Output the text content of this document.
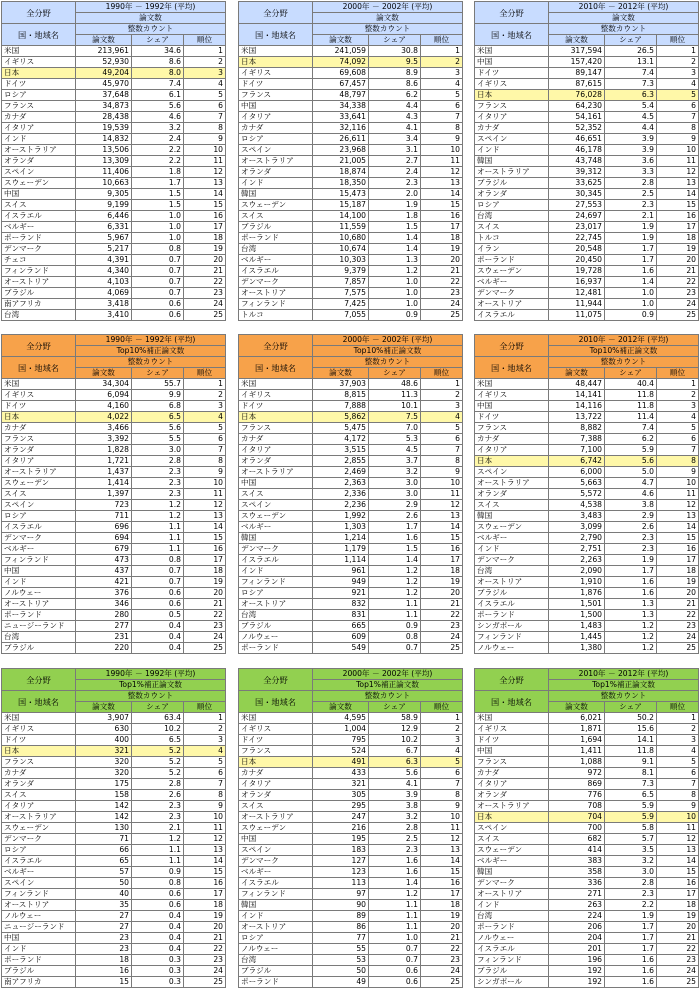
全分野	1990年 － 1992年 (平均)		
	論文数		
国・地域名	整数カウント		
	論文数	シェア	順位
米国	213,961	34.6	1
イギリス	52,930	8.6	2
日本	49,204	8.0	3
ドイツ	45,970	7.4	4
ロシア	37,648	6.1	5
フランス	34,873	5.6	6
カナダ	28,438	4.6	7
イタリア	19,539	3.2	8
インド	14,832	2.4	9
オーストラリア	13,506	2.2	10
オランダ	13,309	2.2	11
スペイン	11,406	1.8	12
スウェーデン	10,663	1.7	13
中国	9,305	1.5	14
スイス	9,199	1.5	15
イスラエル	6,446	1.0	16
ベルギー	6,331	1.0	17
ポーランド	5,967	1.0	18
デンマーク	5,217	0.8	19
チェコ	4,391	0.7	20
フィンランド	4,340	0.7	21
オーストリア	4,103	0.7	22
ブラジル	4,069	0.7	23
南アフリカ	3,418	0.6	24
台湾	3,410	0.6	25
全分野	2000年 － 2002年 (平均)		
	論文数		
国・地域名	整数カウント		
	論文数	シェア	順位
米国	241,059	30.8	1
日本	74,092	9.5	2
イギリス	69,608	8.9	3
ドイツ	67,457	8.6	4
フランス	48,797	6.2	5
中国	34,338	4.4	6
イタリア	33,641	4.3	7
カナダ	32,116	4.1	8
ロシア	26,611	3.4	9
スペイン	23,968	3.1	10
オーストラリア	21,005	2.7	11
オランダ	18,874	2.4	12
インド	18,350	2.3	13
韓国	15,473	2.0	14
スウェーデン	15,187	1.9	15
スイス	14,100	1.8	16
ブラジル	11,559	1.5	17
ポーランド	10,680	1.4	18
台湾	10,674	1.4	19
ベルギー	10,303	1.3	20
イスラエル	9,379	1.2	21
デンマーク	7,857	1.0	22
オーストリア	7,575	1.0	23
フィンランド	7,425	1.0	24
トルコ	7,055	0.9	25
全分野	2010年 － 2012年 (平均)		
	論文数		
国・地域名	整数カウント		
	論文数	シェア	順位
米国	317,594	26.5	1
中国	157,420	13.1	2
ドイツ	89,147	7.4	3
イギリス	87,615	7.3	4
日本	76,028	6.3	5
フランス	64,230	5.4	6
イタリア	54,161	4.5	7
カナダ	52,352	4.4	8
スペイン	46,651	3.9	9
インド	46,178	3.9	10
韓国	43,748	3.6	11
オーストラリア	39,312	3.3	12
ブラジル	33,625	2.8	13
オランダ	30,345	2.5	14
ロシア	27,553	2.3	15
台湾	24,697	2.1	16
スイス	23,017	1.9	17
トルコ	22,745	1.9	18
イラン	20,548	1.7	19
ポーランド	20,450	1.7	20
スウェーデン	19,728	1.6	21
ベルギー	16,937	1.4	22
デンマーク	12,481	1.0	23
オーストリア	11,944	1.0	24
イスラエル	11,075	0.9	25
全分野	1990年 － 1992年 (平均)		
	Top10%補正論文数		
国・地域名	整数カウント		
	論文数	シェア	順位
米国	34,304	55.7	1
イギリス	6,094	9.9	2
ドイツ	4,160	6.8	3
日本	4,022	6.5	4
カナダ	3,466	5.6	5
フランス	3,392	5.5	6
オランダ	1,828	3.0	7
イタリア	1,721	2.8	8
オーストラリア	1,437	2.3	9
スウェーデン	1,414	2.3	10
スイス	1,397	2.3	11
スペイン	723	1.2	12
ロシア	711	1.2	13
イスラエル	696	1.1	14
デンマーク	694	1.1	15
ベルギー	679	1.1	16
フィンランド	473	0.8	17
中国	437	0.7	18
インド	421	0.7	19
ノルウェー	376	0.6	20
オーストリア	346	0.6	21
ポーランド	280	0.5	22
ニュージーランド	277	0.4	23
台湾	231	0.4	24
ブラジル	220	0.4	25
全分野	2000年 － 2002年 (平均)		
	Top10%補正論文数		
国・地域名	整数カウント		
	論文数	シェア	順位
米国	37,903	48.6	1
イギリス	8,815	11.3	2
ドイツ	7,888	10.1	3
日本	5,862	7.5	4
フランス	5,475	7.0	5
カナダ	4,172	5.3	6
イタリア	3,515	4.5	7
オランダ	2,855	3.7	8
オーストラリア	2,469	3.2	9
中国	2,363	3.0	10
スイス	2,336	3.0	11
スペイン	2,236	2.9	12
スウェーデン	1,992	2.6	13
ベルギー	1,303	1.7	14
韓国	1,214	1.6	15
デンマーク	1,179	1.5	16
イスラエル	1,114	1.4	17
インド	961	1.2	18
フィンランド	949	1.2	19
ロシア	921	1.2	20
オーストリア	832	1.1	21
台湾	831	1.1	22
ブラジル	665	0.9	23
ノルウェー	609	0.8	24
ポーランド	549	0.7	25
全分野	2010年 － 2012年 (平均)		
	Top10%補正論文数		
国・地域名	整数カウント		
	論文数	シェア	順位
米国	48,447	40.4	1
イギリス	14,141	11.8	2
中国	14,116	11.8	3
ドイツ	13,722	11.4	4
フランス	8,882	7.4	5
カナダ	7,388	6.2	6
イタリア	7,100	5.9	7
日本	6,742	5.6	8
スペイン	6,000	5.0	9
オーストラリア	5,663	4.7	10
オランダ	5,572	4.6	11
スイス	4,538	3.8	12
韓国	3,483	2.9	13
スウェーデン	3,099	2.6	14
ベルギー	2,790	2.3	15
インド	2,751	2.3	16
デンマーク	2,263	1.9	17
台湾	2,090	1.7	18
オーストリア	1,910	1.6	19
ブラジル	1,876	1.6	20
イスラエル	1,501	1.3	21
ポーランド	1,500	1.3	22
シンガポール	1,483	1.2	23
フィンランド	1,445	1.2	24
ノルウェー	1,380	1.2	25
全分野	1990年 － 1992年 (平均)		
	Top1%補正論文数		
国・地域名	整数カウント		
	論文数	シェア	順位
米国	3,907	63.4	1
イギリス	630	10.2	2
ドイツ	400	6.5	3
日本	321	5.2	4
フランス	320	5.2	5
カナダ	320	5.2	6
オランダ	175	2.8	7
スイス	158	2.6	8
イタリア	142	2.3	9
オーストラリア	142	2.3	10
スウェーデン	130	2.1	11
デンマーク	71	1.2	12
ロシア	66	1.1	13
イスラエル	65	1.1	14
ベルギー	57	0.9	15
スペイン	50	0.8	16
フィンランド	40	0.6	17
オーストリア	35	0.6	18
ノルウェー	27	0.4	19
ニュージーランド	27	0.4	20
中国	23	0.4	21
インド	23	0.4	22
ポーランド	18	0.3	23
ブラジル	16	0.3	24
南アフリカ	15	0.3	25
全分野	2000年 － 2002年 (平均)		
	Top1%補正論文数		
国・地域名	整数カウント		
	論文数	シェア	順位
米国	4,595	58.9	1
イギリス	1,004	12.9	2
ドイツ	795	10.2	3
フランス	524	6.7	4
日本	491	6.3	5
カナダ	433	5.6	6
イタリア	321	4.1	7
オランダ	305	3.9	8
スイス	295	3.8	9
オーストラリア	247	3.2	10
スウェーデン	216	2.8	11
中国	195	2.5	12
スペイン	183	2.3	13
デンマーク	127	1.6	14
ベルギー	123	1.6	15
イスラエル	113	1.4	16
フィンランド	97	1.2	17
韓国	90	1.1	18
インド	89	1.1	19
オーストリア	86	1.1	20
ロシア	77	1.0	21
ノルウェー	55	0.7	22
台湾	53	0.7	23
ブラジル	50	0.6	24
ポーランド	49	0.6	25
全分野	2010年 － 2012年 (平均)		
	Top1%補正論文数		
国・地域名	整数カウント		
	論文数	シェア	順位
米国	6,021	50.2	1
イギリス	1,871	15.6	2
ドイツ	1,694	14.1	3
中国	1,411	11.8	4
フランス	1,088	9.1	5
カナダ	972	8.1	6
イタリア	869	7.3	7
オランダ	776	6.5	8
オーストラリア	708	5.9	9
日本	704	5.9	10
スペイン	700	5.8	11
スイス	682	5.7	12
スウェーデン	414	3.5	13
ベルギー	383	3.2	14
韓国	358	3.0	15
デンマーク	336	2.8	16
オーストリア	271	2.3	17
インド	263	2.2	18
台湾	224	1.9	19
ポーランド	206	1.7	20
ノルウェー	204	1.7	21
イスラエル	201	1.7	22
フィンランド	196	1.6	23
ブラジル	192	1.6	24
シンガポール	192	1.6	25
